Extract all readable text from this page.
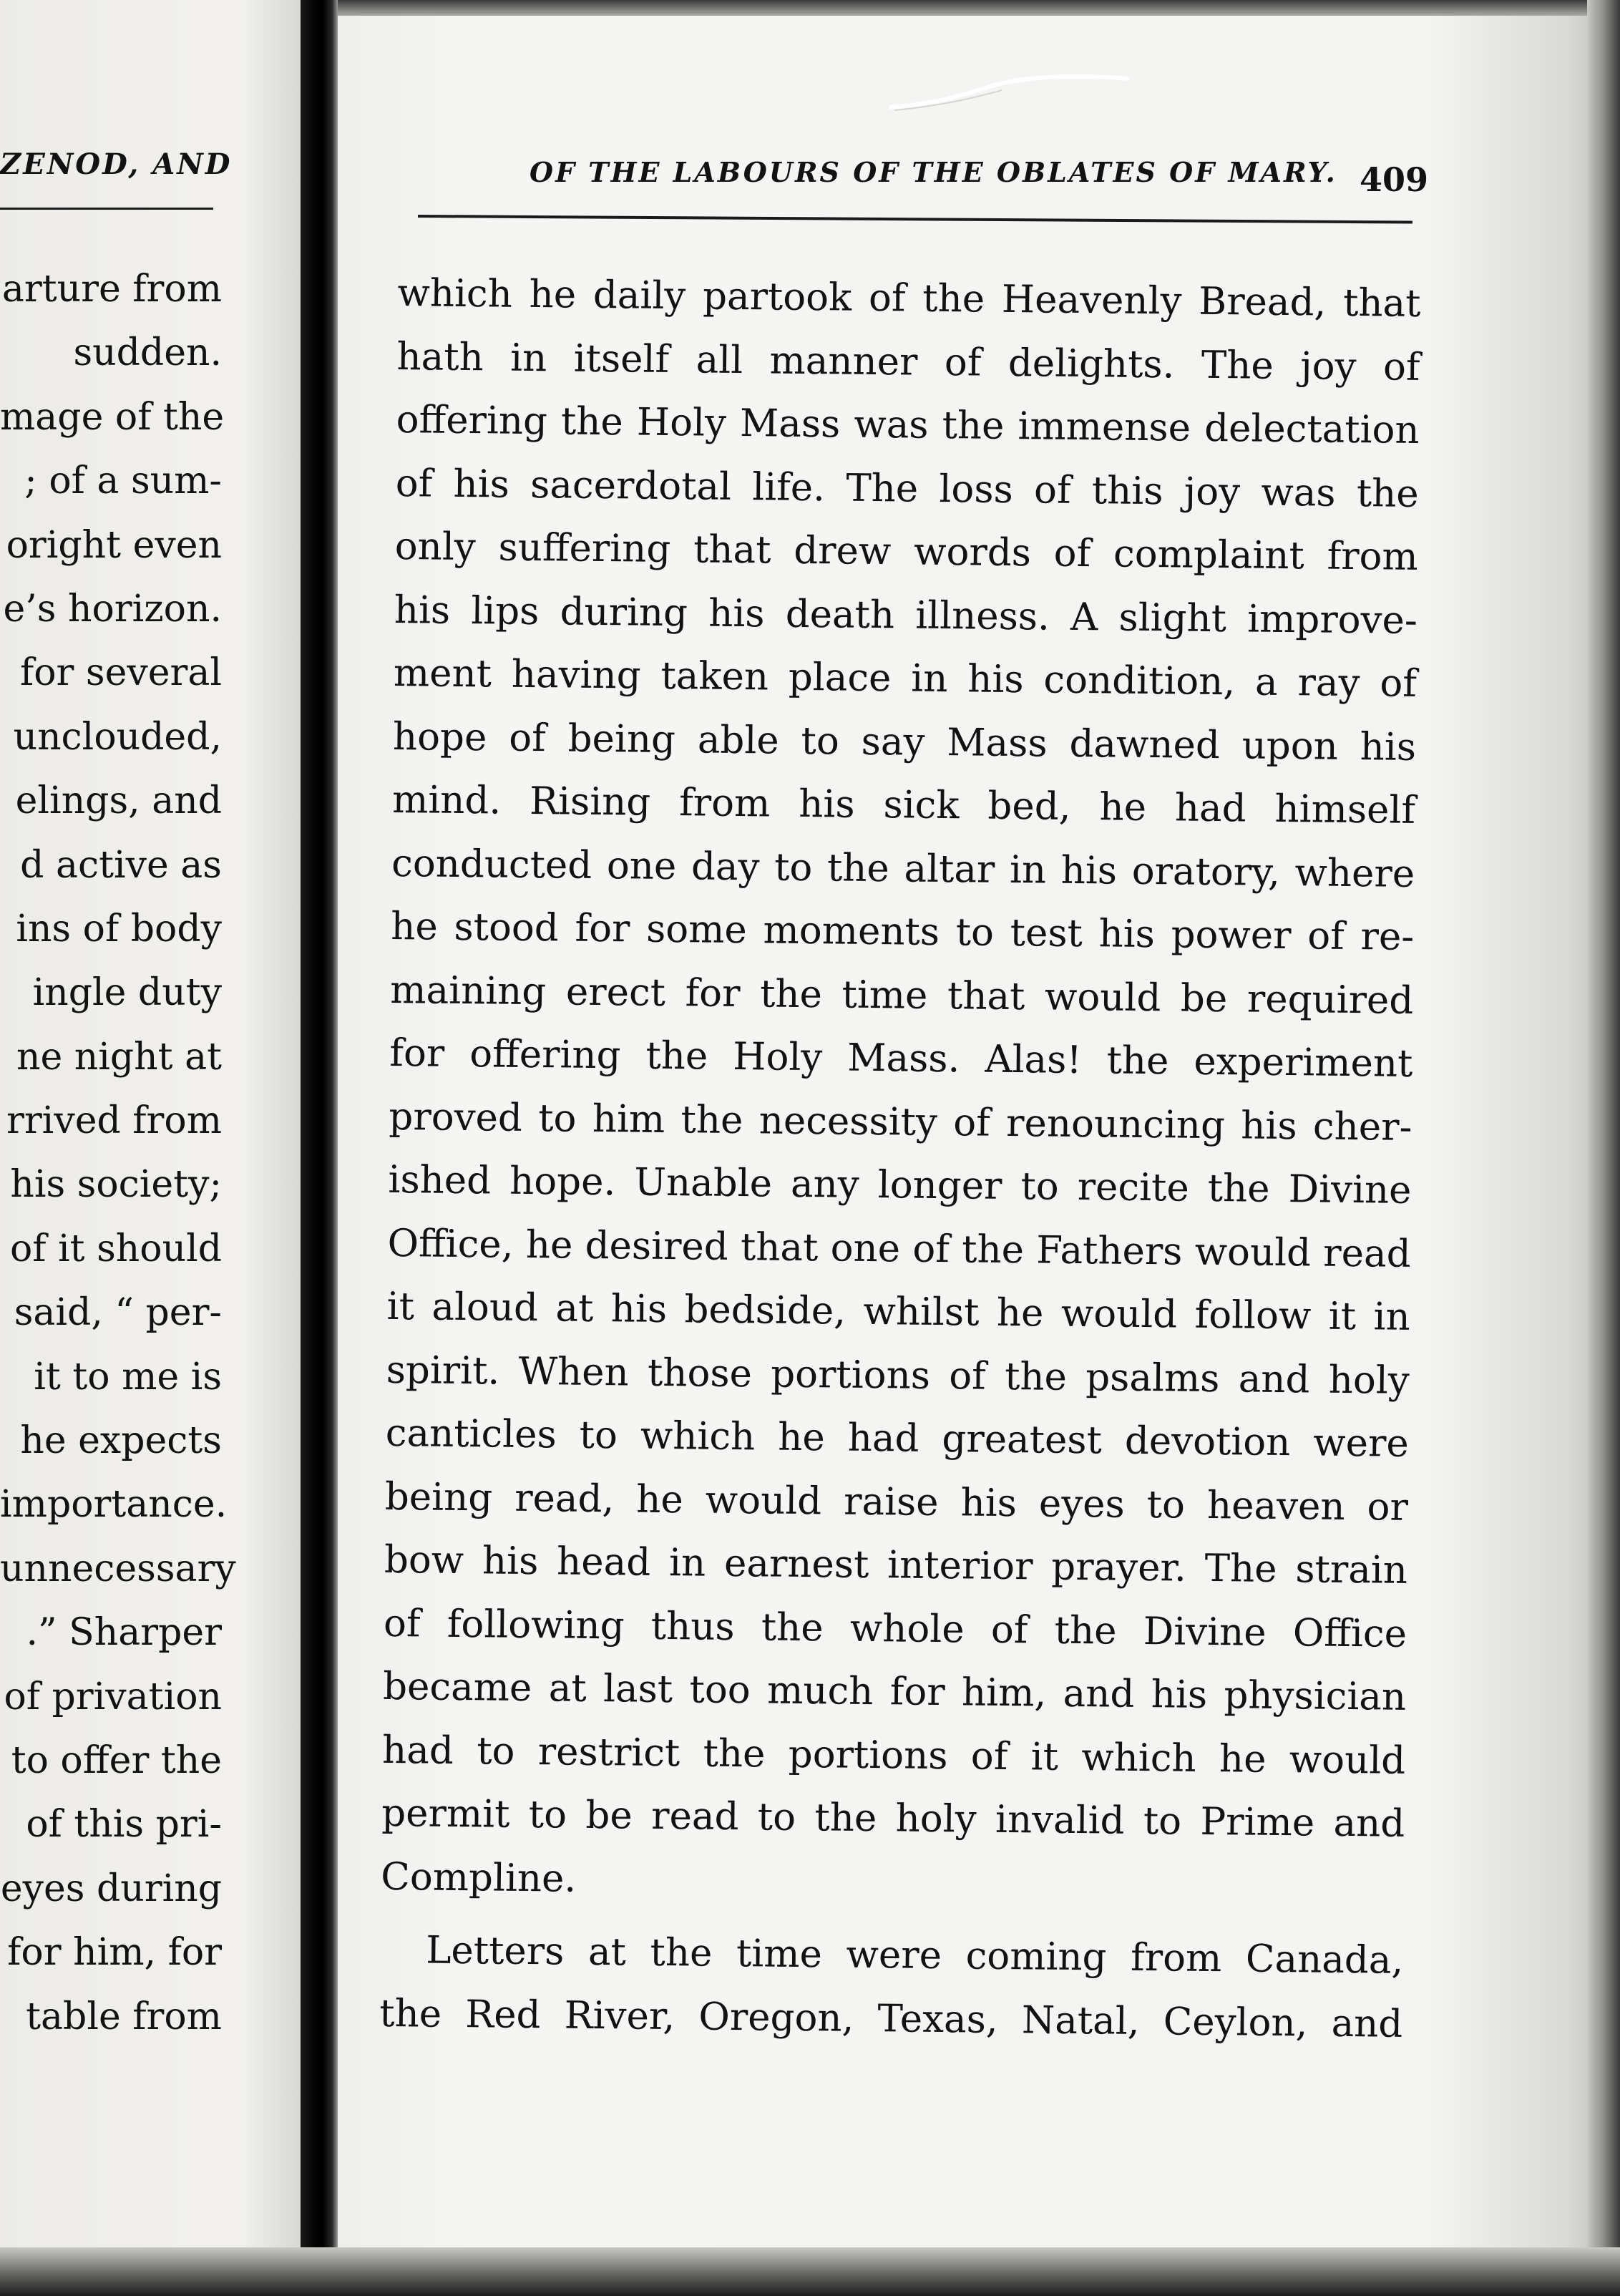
ZENOD, AND
arture from
sudden.
mage of the
; of a sum-
oright even
e’s horizon.
for several
unclouded,
elings, and
d active as
ins of body
ingle duty
ne night at
rrived from
his society;
of it should
said, “ per-
it to me is
he expects
importance.
unnecessary
.” Sharper
of privation
to offer the
of this pri-
eyes during
for him, for
table from
OF THE LABOURS OF THE OBLATES OF MARY. 409
which he daily partook of the Heavenly Bread, that
hath in itself all manner of delights. The joy of
offering the Holy Mass was the immense delectation
of his sacerdotal life. The loss of this joy was the
only suffering that drew words of complaint from
his lips during his death illness. A slight improve-
ment having taken place in his condition, a ray of
hope of being able to say Mass dawned upon his
mind. Rising from his sick bed, he had himself
conducted one day to the altar in his oratory, where
he stood for some moments to test his power of re-
maining erect for the time that would be required
for offering the Holy Mass. Alas! the experiment
proved to him the necessity of renouncing his cher-
ished hope. Unable any longer to recite the Divine
Office, he desired that one of the Fathers would read
it aloud at his bedside, whilst he would follow it in
spirit. When those portions of the psalms and holy
canticles to which he had greatest devotion were
being read, he would raise his eyes to heaven or
bow his head in earnest interior prayer. The strain
of following thus the whole of the Divine Office
became at last too much for him, and his physician
had to restrict the portions of it which he would
permit to be read to the holy invalid to Prime and
Compline.
Letters at the time were coming from Canada,
the Red River, Oregon, Texas, Natal, Ceylon, and
